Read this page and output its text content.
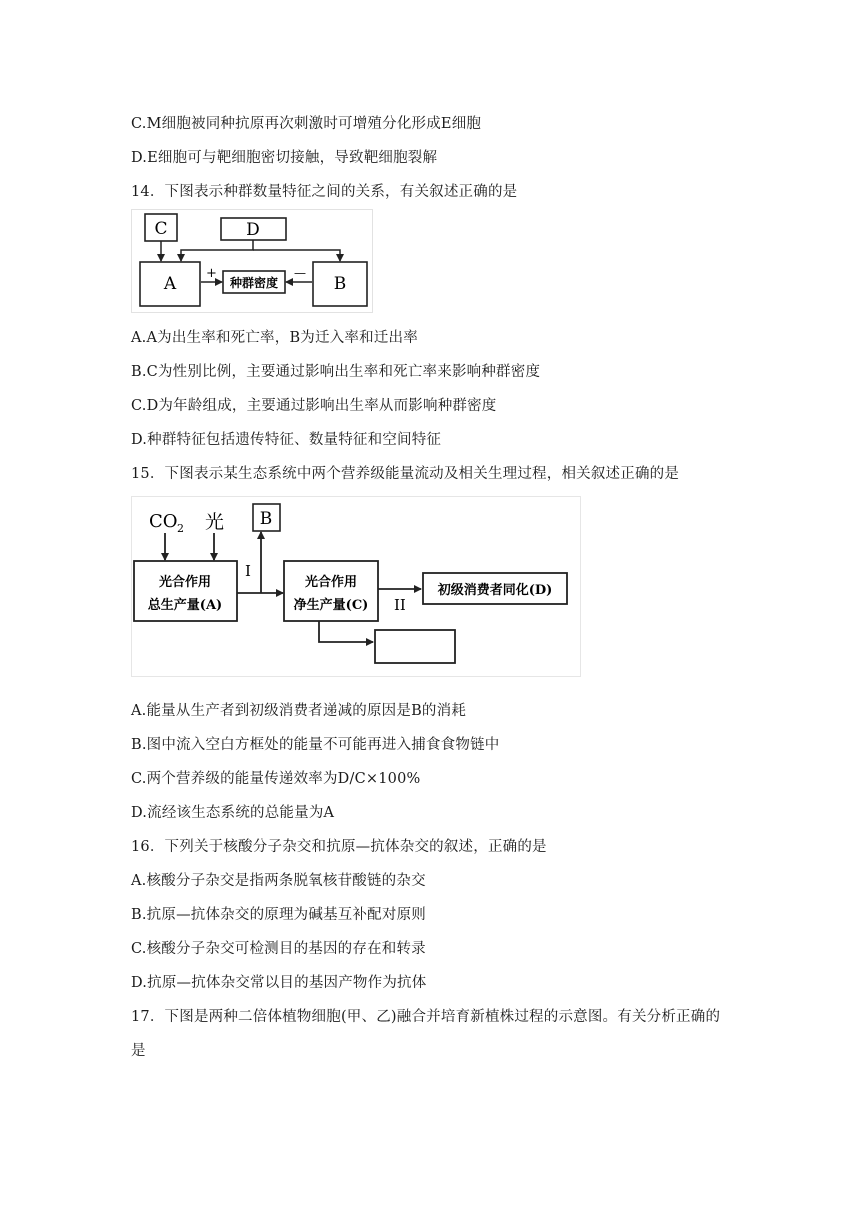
C.M细胞被同种抗原再次刺激时可增殖分化形成E细胞
D.E细胞可与靶细胞密切接触，导致靶细胞裂解
14．下图表示种群数量特征之间的关系，有关叙述正确的是
C	D
A	B
种群密度
+	—
A.A为出生率和死亡率，B为迁入率和迁出率
B.C为性别比例，主要通过影响出生率和死亡率来影响种群密度
C.D为年龄组成，主要通过影响出生率从而影响种群密度
D.种群特征包括遗传特征、数量特征和空间特征
15．下图表示某生态系统中两个营养级能量流动及相关生理过程，相关叙述正确的是
CO 2 光
光合作用
总生产量(A)
B
I
光合作用
净生产量(C) II
初级消费者同化(D)
A.能量从生产者到初级消费者递减的原因是B的消耗
B.图中流入空白方框处的能量不可能再进入捕食食物链中
C.两个营养级的能量传递效率为D/C×100%
D.流经该生态系统的总能量为A
16．下列关于核酸分子杂交和抗原—抗体杂交的叙述，正确的是
A.核酸分子杂交是指两条脱氧核苷酸链的杂交
B.抗原—抗体杂交的原理为碱基互补配对原则
C.核酸分子杂交可检测目的基因的存在和转录
D.抗原—抗体杂交常以目的基因产物作为抗体
17．下图是两种二倍体植物细胞(甲、乙)融合并培育新植株过程的示意图。有关分析正确的
是
